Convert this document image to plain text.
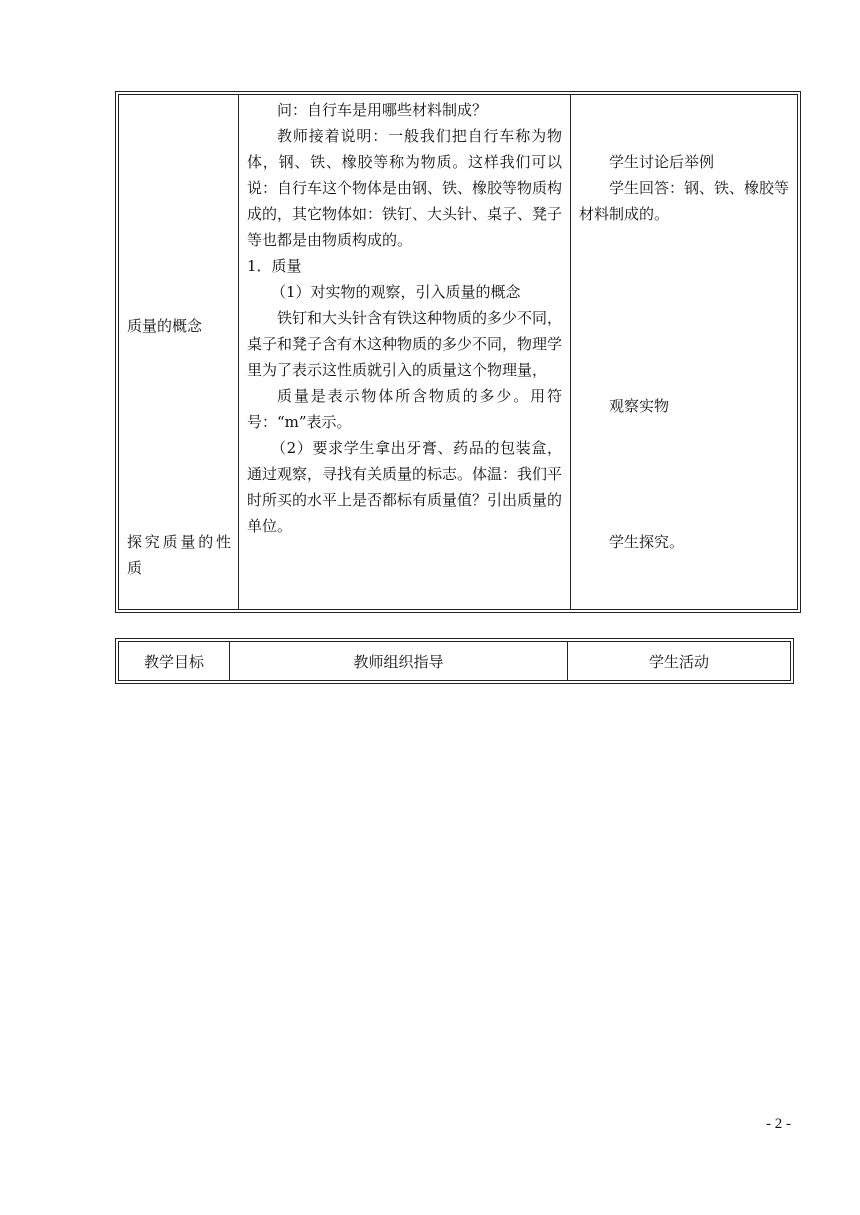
质量的概念
探究质量的性质

问：自行车是用哪些材料制成？

教师接着说明：一般我们把自行车称为物体，钢、铁、橡胶等称为物质。这样我们可以说：自行车这个物体是由钢、铁、橡胶等物质构成的，其它物体如：铁钉、大头针、桌子、凳子等也都是由物质构成的。

1．质量

（1）对实物的观察，引入质量的概念

铁钉和大头针含有铁这种物质的多少不同，桌子和凳子含有木这种物质的多少不同，物理学里为了表示这性质就引入的质量这个物理量，

质量是表示物体所含物质的多少。用符号：“m”表示。

（2）要求学生拿出牙膏、药品的包装盒，通过观察，寻找有关质量的标志。体温：我们平时所买的水平上是否都标有质量值？引出质量的单位。

学生讨论后举例

学生回答：钢、铁、橡胶等材料制成的。

观察实物

学生探究。

教学目标	教师组织指导	学生活动
- 2 -
